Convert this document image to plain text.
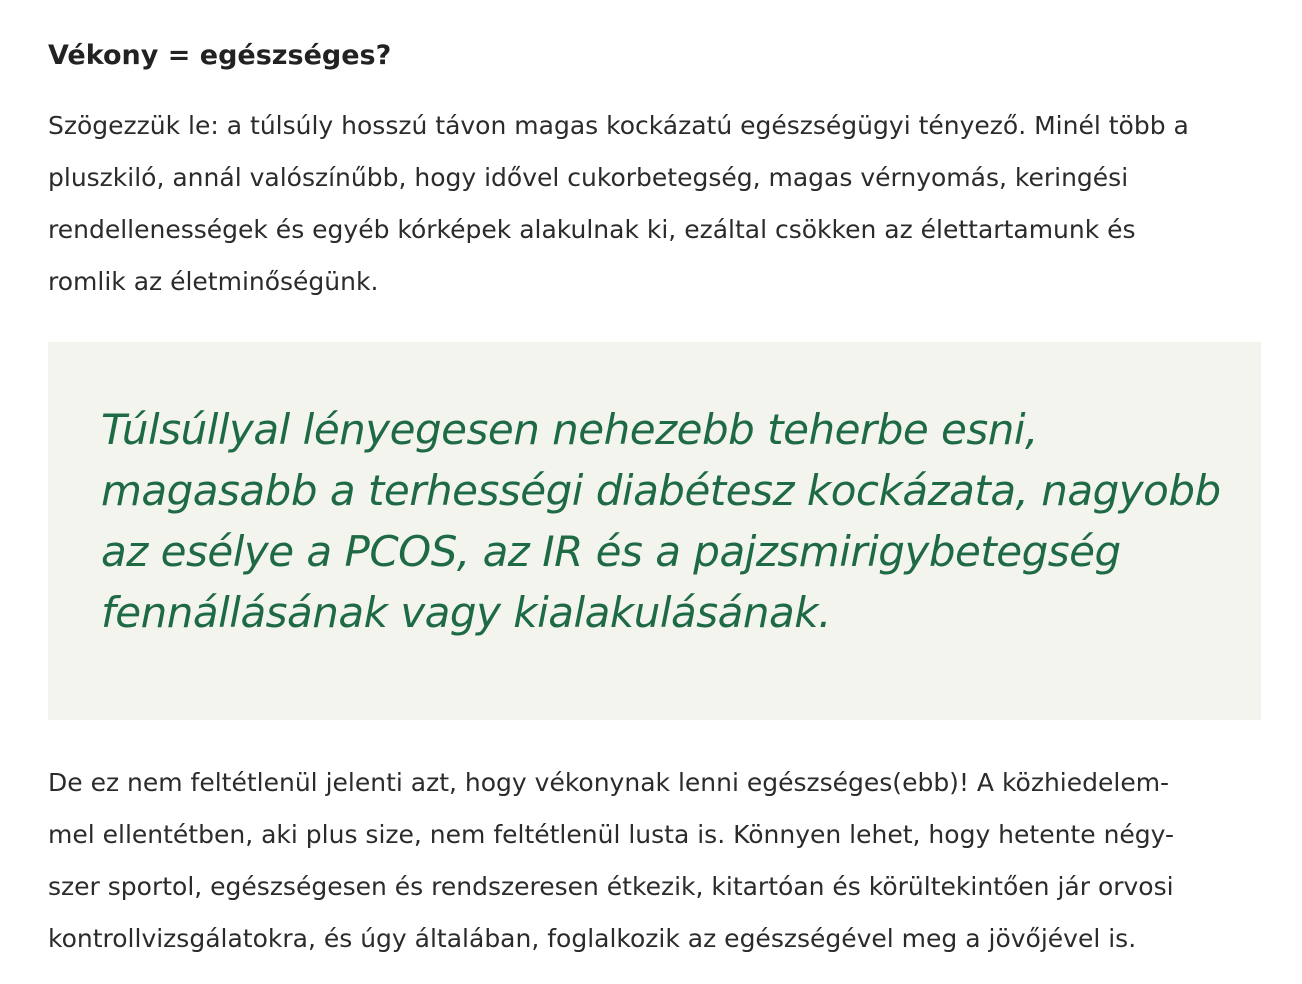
Vékony = egészséges?

Szögezzük le: a túlsúly hosszú távon magas kockázatú egészségügyi tényező. Minél több a
pluszkiló, annál valószínűbb, hogy idővel cukorbetegség, magas vérnyomás, keringési
rendellenességek és egyéb kórképek alakulnak ki, ezáltal csökken az élettartamunk és
romlik az életminőségünk.

Túlsúllyal lényegesen nehezebb teherbe esni,
magasabb a terhességi diabétesz kockázata, nagyobb
az esélye a PCOS, az IR és a pajzsmirigybetegség
fennállásának vagy kialakulásának.

De ez nem feltétlenül jelenti azt, hogy vékonynak lenni egészséges(ebb)! A közhiedelem-
mel ellentétben, aki plus size, nem feltétlenül lusta is. Könnyen lehet, hogy hetente négy-
szer sportol, egészségesen és rendszeresen étkezik, kitartóan és körültekintően jár orvosi
kontrollvizsgálatokra, és úgy általában, foglalkozik az egészségével meg a jövőjével is.
